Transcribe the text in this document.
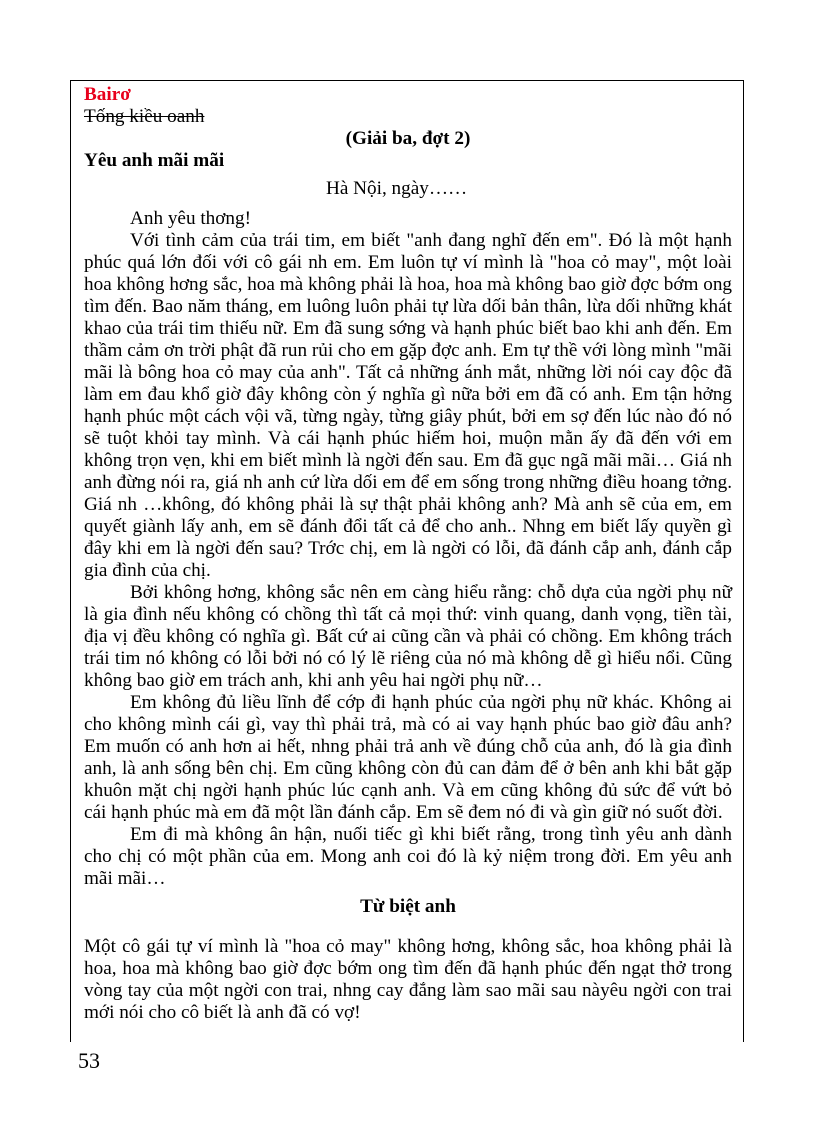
Bairơ

Tống kiều oanh

(Giải ba, đợt 2)

Yêu anh mãi mãi

Hà Nội, ngày……

Anh yêu thơng!

Với tình cảm của trái tim, em biết "anh đang nghĩ đến em". Đó là một hạnh phúc quá lớn đối với cô gái nh em. Em luôn tự ví mình là "hoa cỏ may", một loài hoa không hơng sắc, hoa mà không phải là hoa, hoa mà không bao giờ đợc bớm ong tìm đến. Bao năm tháng, em luông luôn phải tự lừa dối bản thân, lừa dối những khát khao của trái tim thiếu nữ. Em đã sung sớng và hạnh phúc biết bao khi anh đến. Em thầm cảm ơn trời phật đã run rủi cho em gặp đợc anh. Em tự thề với lòng mình "mãi mãi là bông hoa cỏ may của anh". Tất cả những ánh mắt, những lời nói cay độc đã làm em đau khổ giờ đây không còn ý nghĩa gì nữa bởi em đã có anh. Em tận hởng hạnh phúc một cách vội vã, từng ngày, từng giây phút, bởi em sợ đến lúc nào đó nó sẽ tuột khỏi tay mình. Và cái hạnh phúc hiếm hoi, muộn mằn ấy đã đến với em không trọn vẹn, khi em biết mình là ngời đến sau. Em đã gục ngã mãi mãi… Giá nh anh đừng nói ra, giá nh anh cứ lừa dối em để em sống trong những điều hoang tởng. Giá nh …không, đó không phải là sự thật phải không anh? Mà anh sẽ của em, em quyết giành lấy anh, em sẽ đánh đổi tất cả để cho anh.. Nhng em biết lấy quyền gì đây khi em là ngời đến sau? Trớc chị, em là ngời có lỗi, đã đánh cắp anh, đánh cắp gia đình của chị.

Bởi không hơng, không sắc nên em càng hiểu rằng: chỗ dựa của ngời phụ nữ là gia đình nếu không có chồng thì tất cả mọi thứ: vinh quang, danh vọng, tiền tài, địa vị đều không có nghĩa gì. Bất cứ ai cũng cần và phải có chồng. Em không trách trái tim nó không có lỗi bởi nó có lý lẽ riêng của nó mà không dễ gì hiểu nổi. Cũng không bao giờ em trách anh, khi anh yêu hai ngời phụ nữ…

Em không đủ liều lĩnh để cớp đi hạnh phúc của ngời phụ nữ khác. Không ai cho không mình cái gì, vay thì phải trả, mà có ai vay hạnh phúc bao giờ đâu anh? Em muốn có anh hơn ai hết, nhng phải trả anh về đúng chỗ của anh, đó là gia đình anh, là anh sống bên chị. Em cũng không còn đủ can đảm để ở bên anh khi bắt gặp khuôn mặt chị ngời hạnh phúc lúc cạnh anh. Và em cũng không đủ sức để vứt bỏ cái hạnh phúc mà em đã một lần đánh cắp. Em sẽ đem nó đi và gìn giữ nó suốt đời.

Em đi mà không ân hận, nuối tiếc gì khi biết rằng, trong tình yêu anh dành cho chị có một phần của em. Mong anh coi đó là kỷ niệm trong đời. Em yêu anh mãi mãi…

Từ biệt anh

Một cô gái tự ví mình là "hoa cỏ may" không hơng, không sắc, hoa không phải là hoa, hoa mà không bao giờ đợc bớm ong tìm đến đã hạnh phúc đến ngạt thở trong vòng tay của một ngời con trai, nhng cay đắng làm sao mãi sau nàyêu ngời con trai mới nói cho cô biết là anh đã có vợ!

53
